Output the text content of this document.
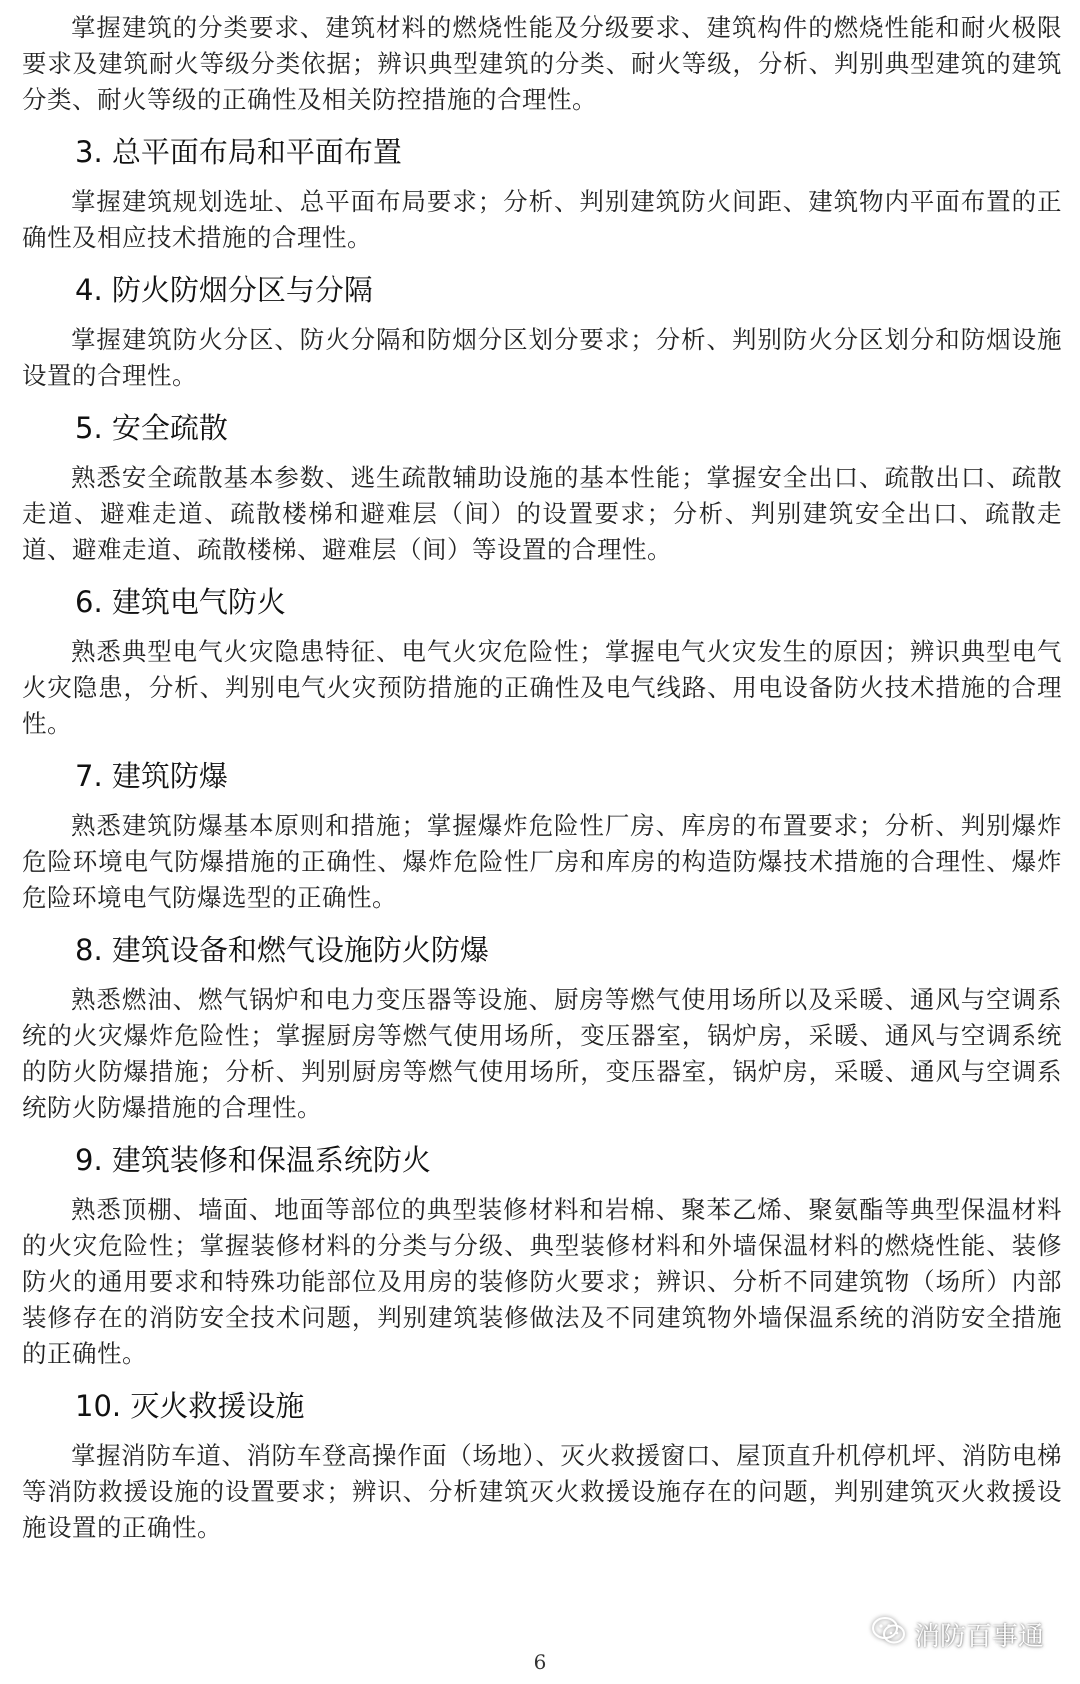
掌握建筑的分类要求、建筑材料的燃烧性能及分级要求、建筑构件的燃烧性能和耐火极限要求及建筑耐火等级分类依据；辨识典型建筑的分类、耐火等级，分析、判别典型建筑的建筑分类、耐火等级的正确性及相关防控措施的合理性。

3. 总平面布局和平面布置

掌握建筑规划选址、总平面布局要求；分析、判别建筑防火间距、建筑物内平面布置的正确性及相应技术措施的合理性。

4. 防火防烟分区与分隔

掌握建筑防火分区、防火分隔和防烟分区划分要求；分析、判别防火分区划分和防烟设施设置的合理性。

5. 安全疏散

熟悉安全疏散基本参数、逃生疏散辅助设施的基本性能；掌握安全出口、疏散出口、疏散走道、避难走道、疏散楼梯和避难层（间）的设置要求；分析、判别建筑安全出口、疏散走道、避难走道、疏散楼梯、避难层（间）等设置的合理性。

6. 建筑电气防火

熟悉典型电气火灾隐患特征、电气火灾危险性；掌握电气火灾发生的原因；辨识典型电气火灾隐患，分析、判别电气火灾预防措施的正确性及电气线路、用电设备防火技术措施的合理性。

7. 建筑防爆

熟悉建筑防爆基本原则和措施；掌握爆炸危险性厂房、库房的布置要求；分析、判别爆炸危险环境电气防爆措施的正确性、爆炸危险性厂房和库房的构造防爆技术措施的合理性、爆炸危险环境电气防爆选型的正确性。

8. 建筑设备和燃气设施防火防爆

熟悉燃油、燃气锅炉和电力变压器等设施、厨房等燃气使用场所以及采暖、通风与空调系统的火灾爆炸危险性；掌握厨房等燃气使用场所，变压器室，锅炉房，采暖、通风与空调系统的防火防爆措施；分析、判别厨房等燃气使用场所，变压器室，锅炉房，采暖、通风与空调系统防火防爆措施的合理性。

9. 建筑装修和保温系统防火

熟悉顶棚、墙面、地面等部位的典型装修材料和岩棉、聚苯乙烯、聚氨酯等典型保温材料的火灾危险性；掌握装修材料的分类与分级、典型装修材料和外墙保温材料的燃烧性能、装修防火的通用要求和特殊功能部位及用房的装修防火要求；辨识、分析不同建筑物（场所）内部装修存在的消防安全技术问题，判别建筑装修做法及不同建筑物外墙保温系统的消防安全措施的正确性。

10. 灭火救援设施

掌握消防车道、消防车登高操作面（场地）、灭火救援窗口、屋顶直升机停机坪、消防电梯等消防救援设施的设置要求；辨识、分析建筑灭火救援设施存在的问题，判别建筑灭火救援设施设置的正确性。

消防百事通
6
